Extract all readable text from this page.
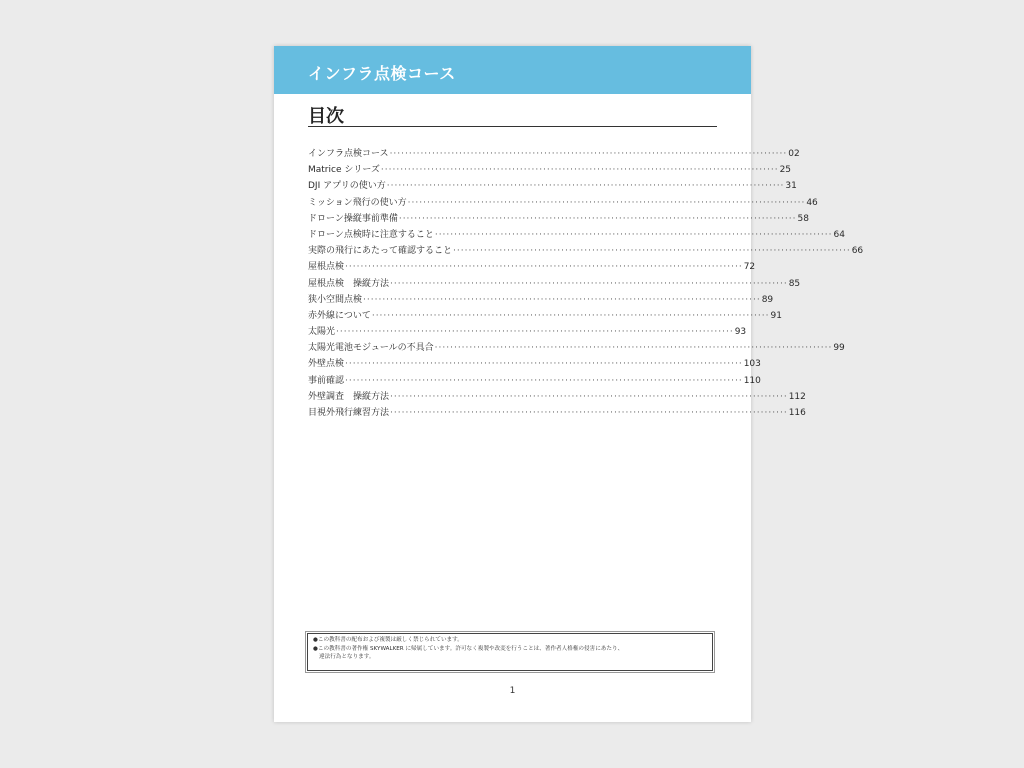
インフラ点検コース
目次
インフラ点検コース ······································································································· 02
Matrice シリーズ ······································································································· 25
DJI アプリの使い方 ······································································································· 31
ミッション飛行の使い方 ······································································································· 46
ドローン操縦事前準備 ······································································································· 58
ドローン点検時に注意すること ······································································································· 64
実際の飛行にあたって確認すること ······································································································· 66
屋根点検 ······································································································· 72
屋根点検　操縦方法 ······································································································· 85
狭小空間点検 ······································································································· 89
赤外線について ······································································································· 91
太陽光 ······································································································· 93
太陽光電池モジュールの不具合 ······································································································· 99
外壁点検 ······································································································· 103
事前確認 ······································································································· 110
外壁調査　操縦方法 ······································································································· 112
目視外飛行練習方法 ······································································································· 116
●この教科書の配布および複製は厳しく禁じられています。
●この教科書の著作権 SKYWALKER に帰属しています。許可なく複製や改変を行うことは、著作者人格権の侵害にあたり、
違法行為となります。
1
